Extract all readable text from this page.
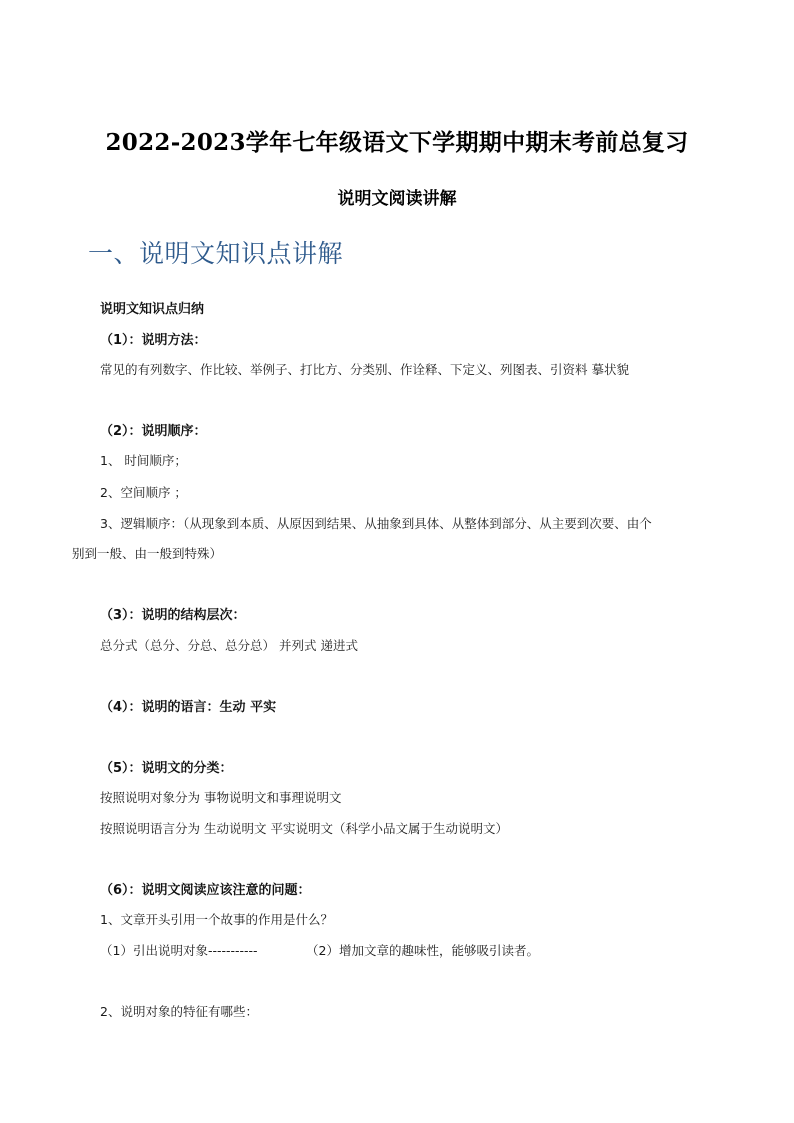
2022-2023学年七年级语文下学期期中期末考前总复习
说明文阅读讲解
一、说明文知识点讲解
说明文知识点归纳
（1）：说明方法：
常见的有列数字、作比较、举例子、打比方、分类别、作诠释、下定义、列图表、引资料 摹状貌
（2）：说明顺序：
1、 时间顺序；
2、空间顺序 ；
3、逻辑顺序：（从现象到本质、从原因到结果、从抽象到具体、从整体到部分、从主要到次要、由个
别到一般、由一般到特殊）
（3）：说明的结构层次：
总分式（总分、分总、总分总） 并列式 递进式
（4）：说明的语言：生动 平实
（5）：说明文的分类：
按照说明对象分为 事物说明文和事理说明文
按照说明语言分为 生动说明文 平实说明文（科学小品文属于生动说明文）
（6）：说明文阅读应该注意的问题：
1、文章开头引用一个故事的作用是什么？
（1）引出说明对象-----------	（2）增加文章的趣味性，能够吸引读者。
2、说明对象的特征有哪些：
